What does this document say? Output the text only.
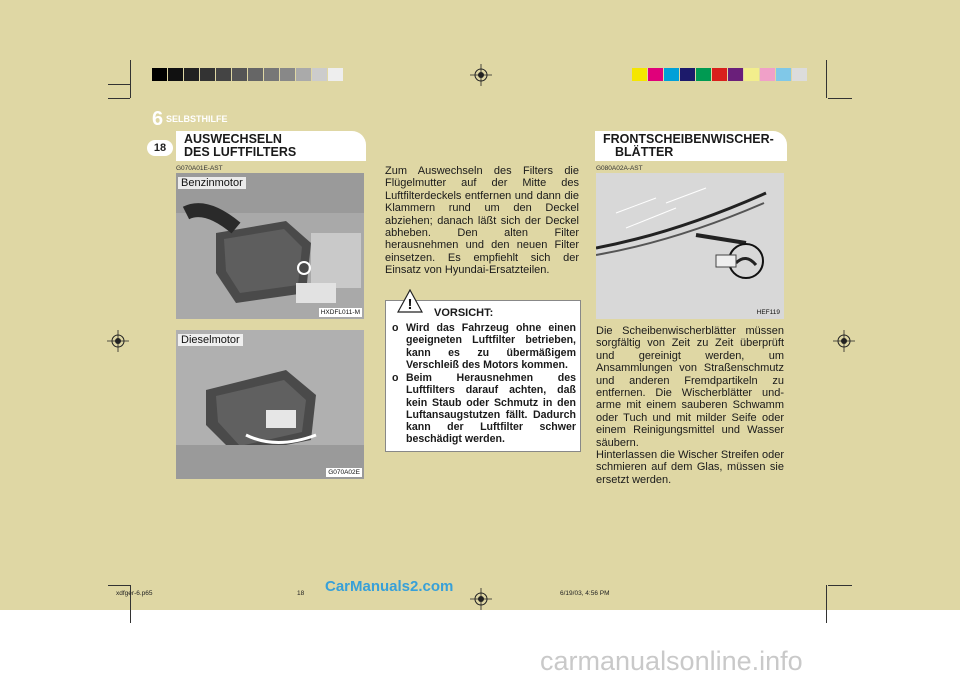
6 SELBSTHILFE
18
AUSWECHSELN
DES LUFTFILTERS
G070A01E-AST
Benzinmotor
HXDFL011-M
Dieselmotor
G070A02E
Zum Auswechseln des Filters die Flügelmutter auf der Mitte des Luftfilterdeckels entfernen und dann die Klammern rund um den Deckel abziehen; danach läßt sich der Deckel abheben. Den alten Filter herausnehmen und den neuen Filter einsetzen. Es empfiehlt sich der Einsatz von Hyundai-Ersatzteilen.
! VORSICHT:
o Wird das Fahrzeug ohne einen geeigneten Luftfilter betrieben, kann es zu übermäßigem Verschleiß des Motors kommen.
o Beim Herausnehmen des Luftfilters darauf achten, daß kein Staub oder Schmutz in den Luftansaugstutzen fällt. Dadurch kann der Luftfilter schwer beschädigt werden.
FRONTSCHEIBENWISCHER-
BLÄTTER
G080A02A-AST
HEF119
Die Scheibenwischerblätter müssen sorgfältig von Zeit zu Zeit überprüft und gereinigt werden, um Ansammlungen von Straßenschmutz und anderen Fremdpartikeln zu entfernen. Die Wischerblätter und-arme mit einem sauberen Schwamm oder Tuch und mit milder Seife oder einem Reinigungsmittel und Wasser säubern.
Hinterlassen die Wischer Streifen oder schmieren auf dem Glas, müssen sie ersetzt werden.
xdfger-6.p65	18	6/19/03, 4:56 PM
CarManuals2.com
carmanualsonline.info
